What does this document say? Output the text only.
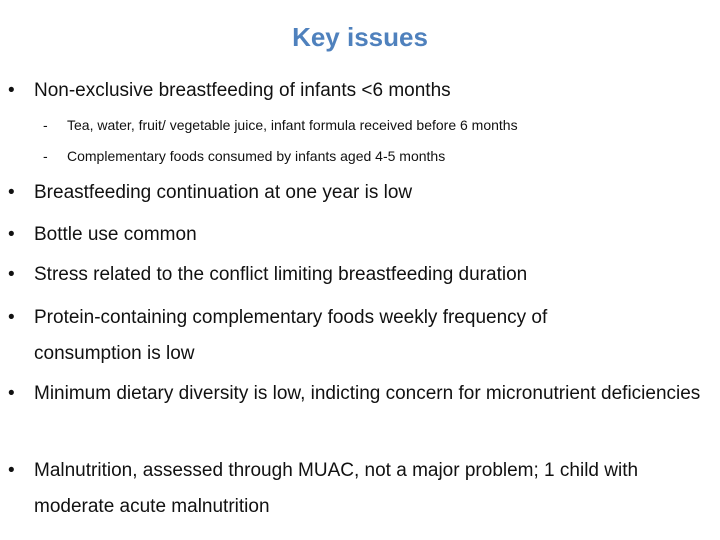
Key issues
•	Non-exclusive breastfeeding of infants <6 months
- Tea, water, fruit/ vegetable juice, infant formula received before 6 months
- Complementary foods consumed by infants aged 4-5 months
•	Breastfeeding continuation at one year is low
•	Bottle use common
•	Stress related to the conflict limiting breastfeeding duration
•	Protein-containing complementary foods weekly frequency of consumption is low
•	Minimum dietary diversity is low, indicting concern for micronutrient deficiencies
•	Malnutrition, assessed through MUAC, not a major problem; 1 child with moderate acute malnutrition
